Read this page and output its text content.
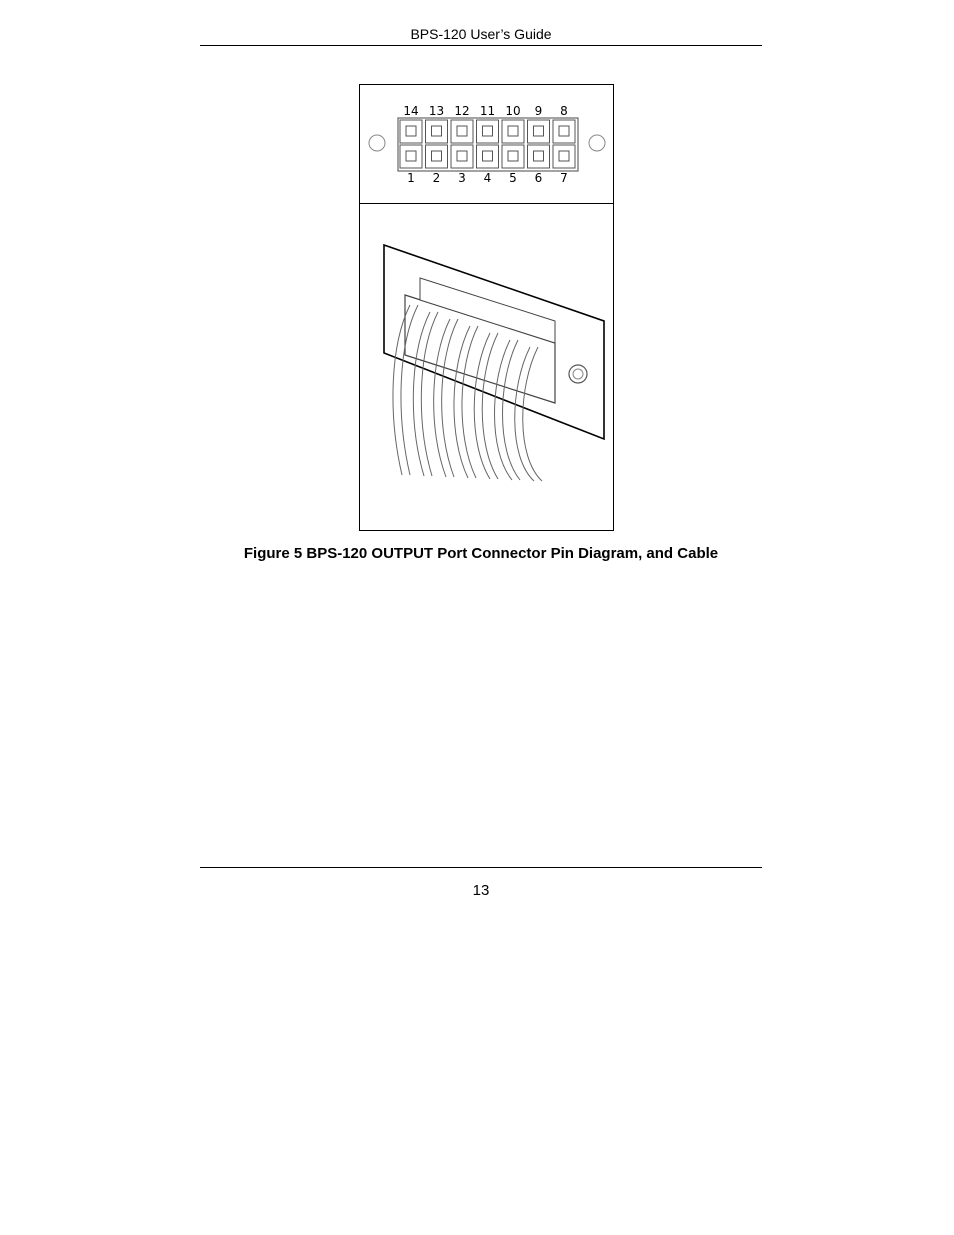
BPS-120 User’s Guide
14 13 12 11 10	9	8
1	2	3	4	5	6	7
Figure 5 BPS-120 OUTPUT Port Connector Pin Diagram, and Cable
13
